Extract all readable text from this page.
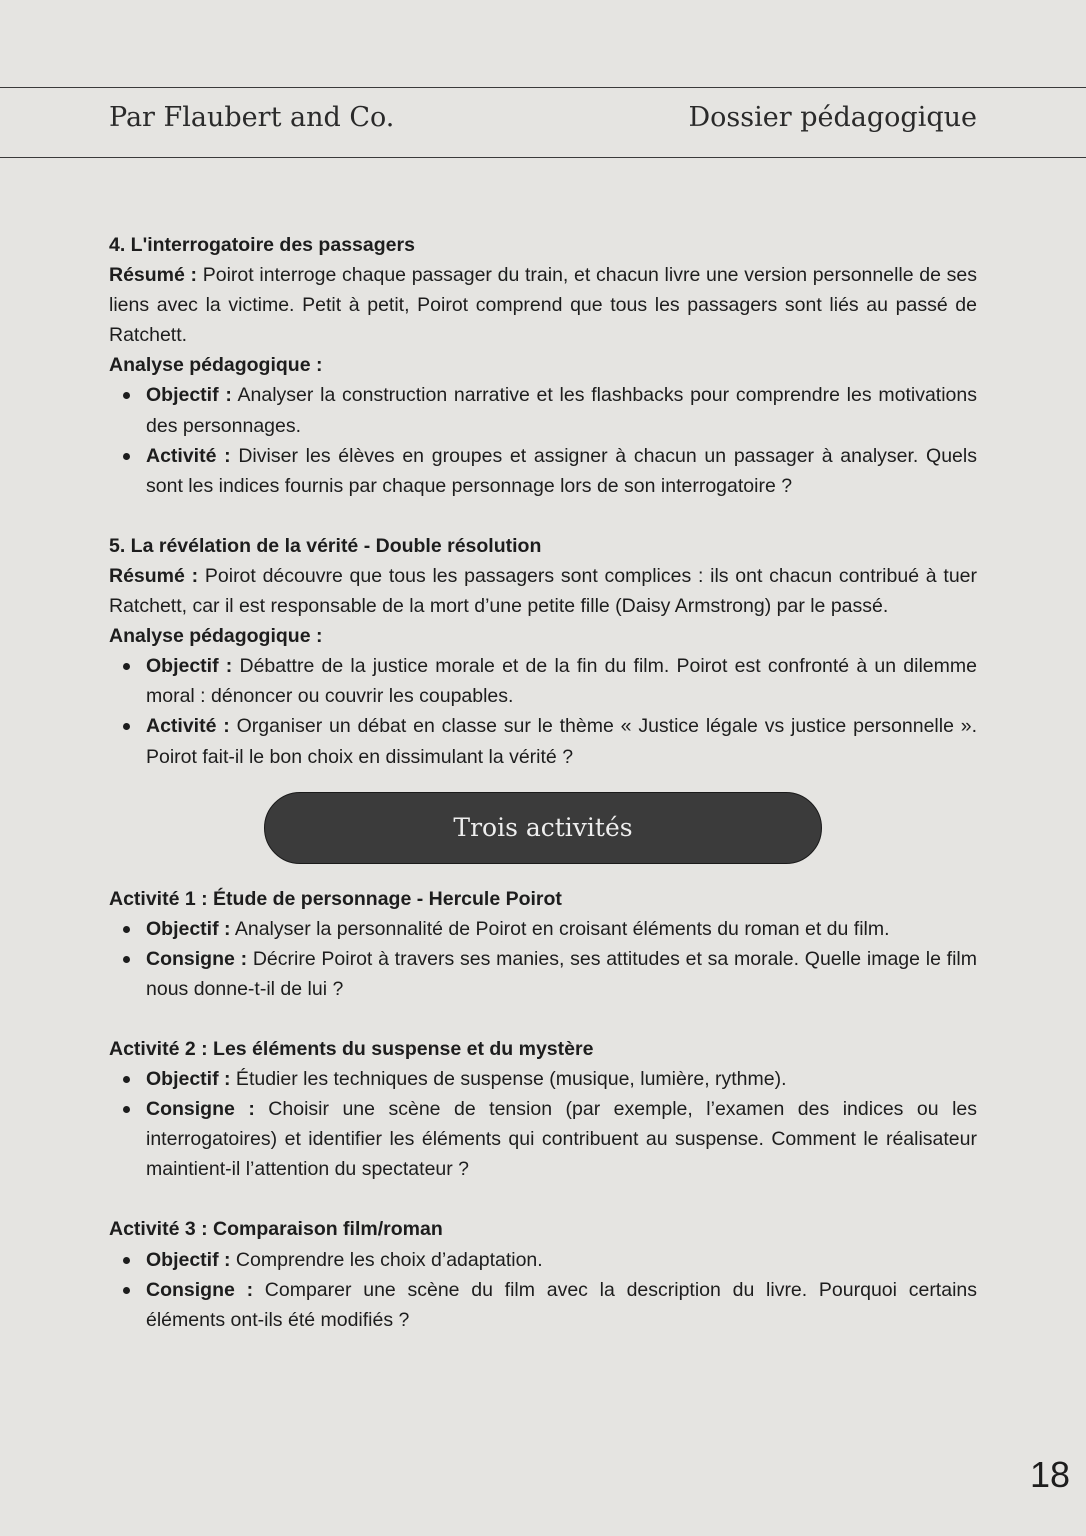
Par Flaubert and Co.	Dossier pédagogique

4. L'interrogatoire des passagers

Résumé : Poirot interroge chaque passager du train, et chacun livre une version personnelle de ses liens avec la victime. Petit à petit, Poirot comprend que tous les passagers sont liés au passé de Ratchett.

Analyse pédagogique :

Objectif : Analyser la construction narrative et les flashbacks pour comprendre les motivations des personnages.
Activité : Diviser les élèves en groupes et assigner à chacun un passager à analyser. Quels sont les indices fournis par chaque personnage lors de son interrogatoire ?

5. La révélation de la vérité - Double résolution

Résumé : Poirot découvre que tous les passagers sont complices : ils ont chacun contribué à tuer Ratchett, car il est responsable de la mort d’une petite fille (Daisy Armstrong) par le passé.

Analyse pédagogique :

Objectif : Débattre de la justice morale et de la fin du film. Poirot est confronté à un dilemme moral : dénoncer ou couvrir les coupables.
Activité : Organiser un débat en classe sur le thème « Justice légale vs justice personnelle ». Poirot fait-il le bon choix en dissimulant la vérité ?
Trois activités

Activité 1 : Étude de personnage - Hercule Poirot

Objectif : Analyser la personnalité de Poirot en croisant éléments du roman et du film.
Consigne : Décrire Poirot à travers ses manies, ses attitudes et sa morale. Quelle image le film nous donne-t-il de lui ?

Activité 2 : Les éléments du suspense et du mystère

Objectif : Étudier les techniques de suspense (musique, lumière, rythme).
Consigne : Choisir une scène de tension (par exemple, l’examen des indices ou les interrogatoires) et identifier les éléments qui contribuent au suspense. Comment le réalisateur maintient-il l’attention du spectateur ?

Activité 3 : Comparaison film/roman

Objectif : Comprendre les choix d’adaptation.
Consigne : Comparer une scène du film avec la description du livre. Pourquoi certains éléments ont-ils été modifiés ?
18
